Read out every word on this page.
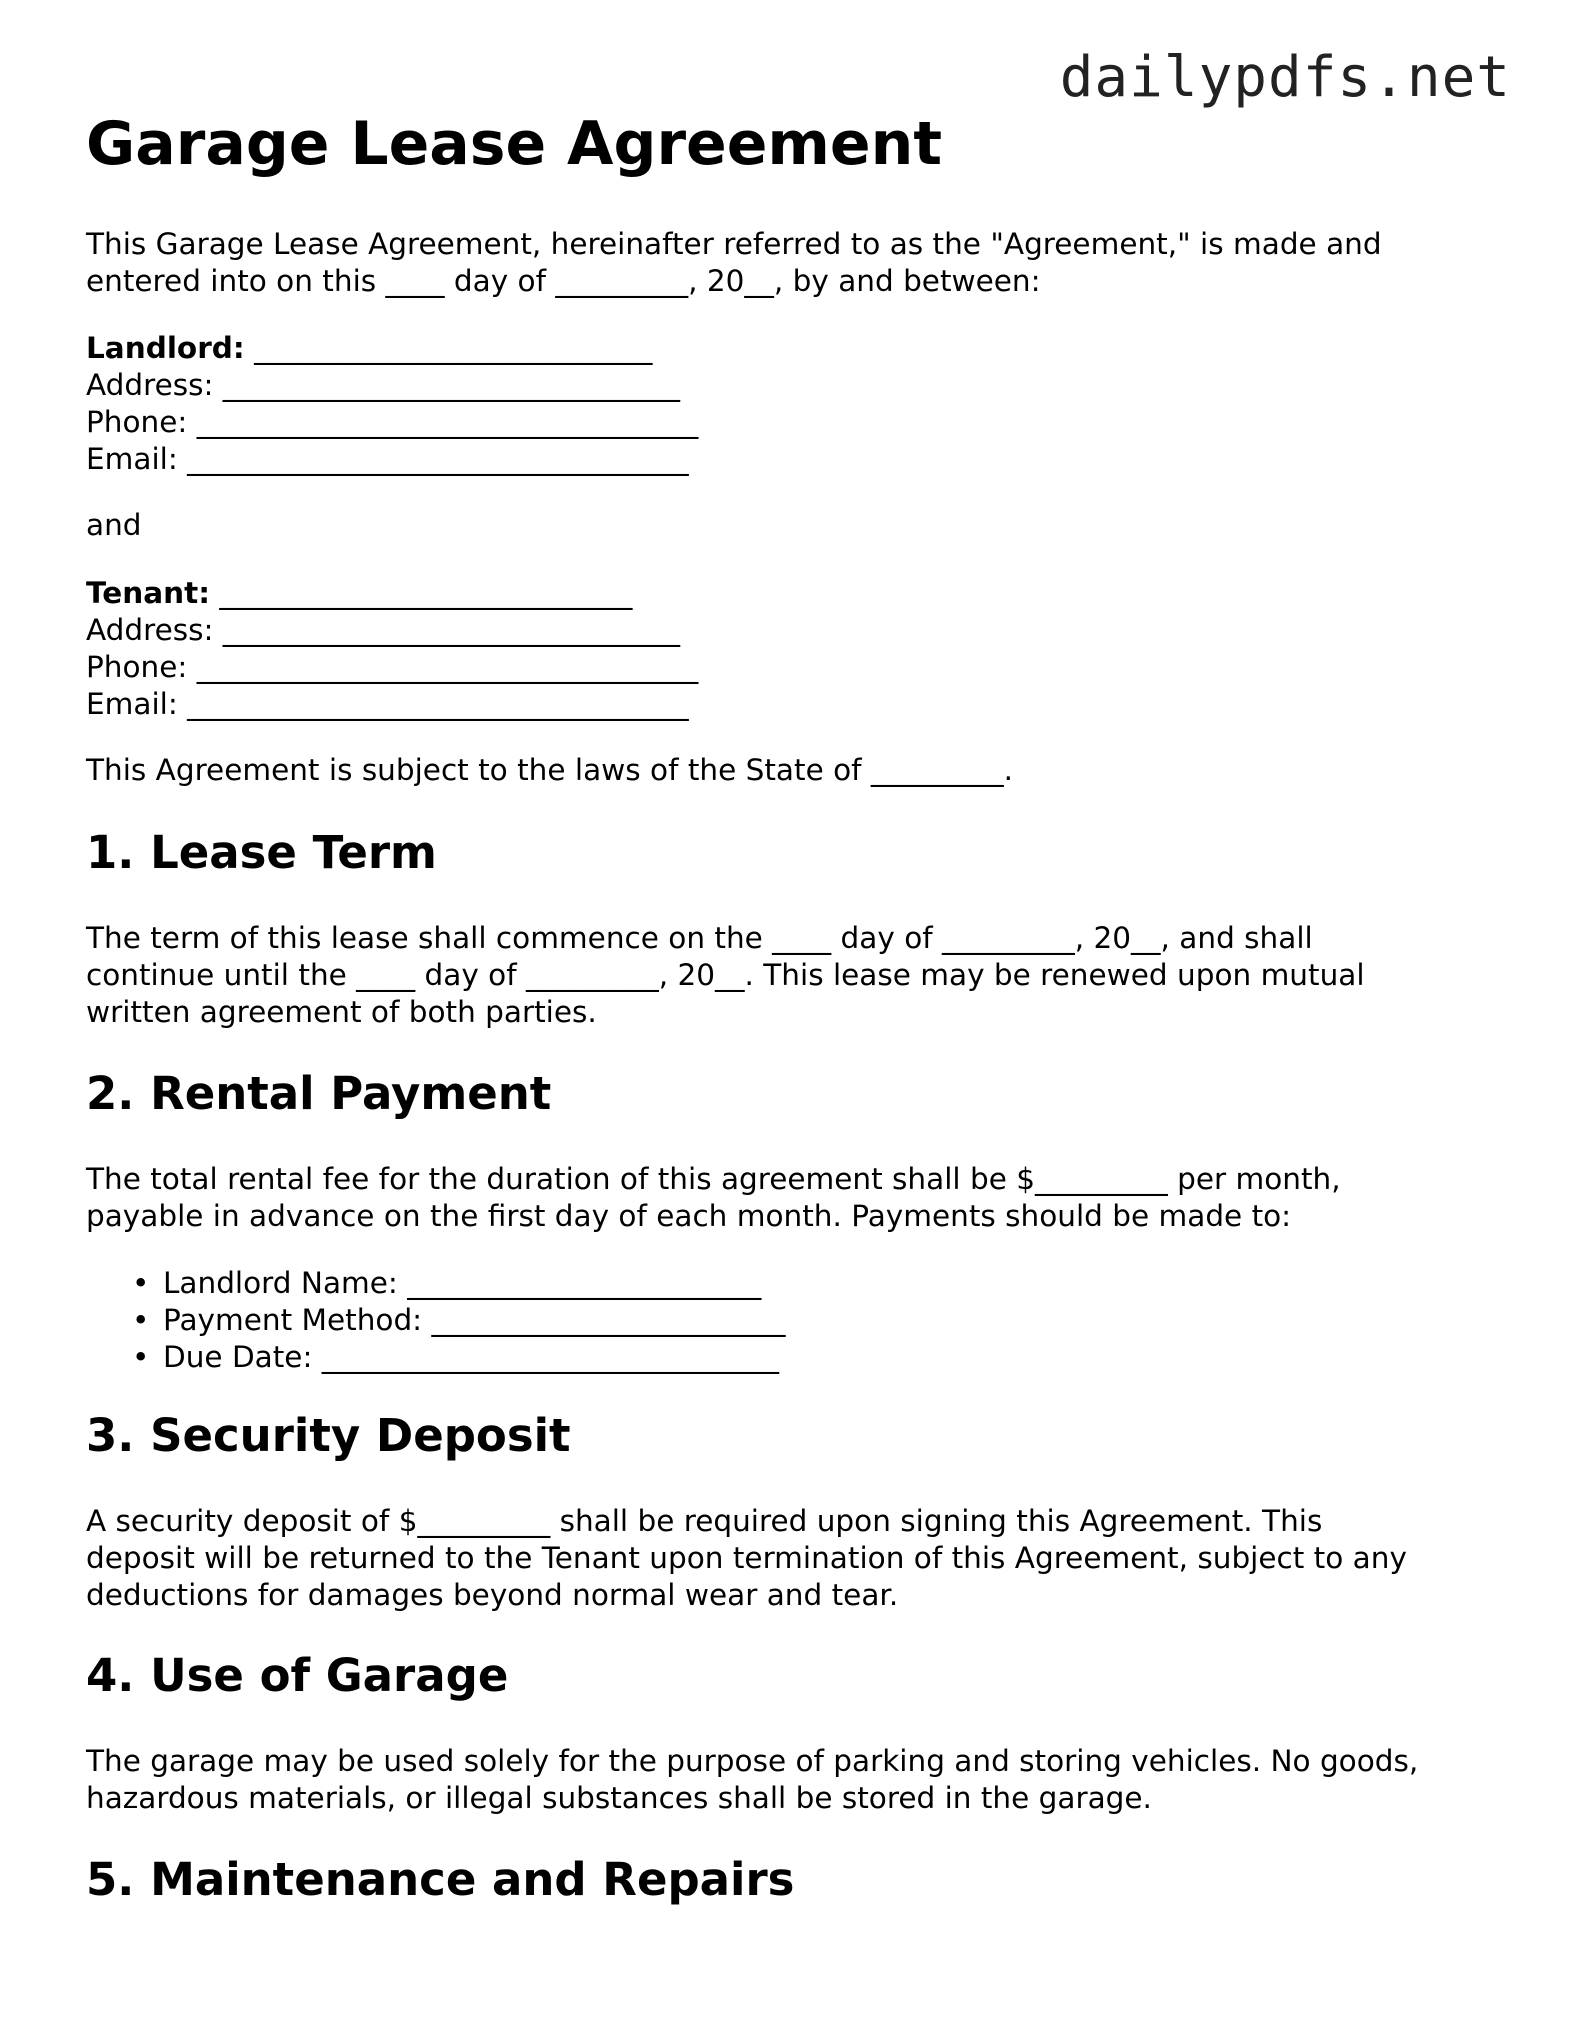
dailypdfs.net
Garage Lease Agreement

This Garage Lease Agreement, hereinafter referred to as the "Agreement," is made and
entered into on this ____ day of _________, 20__, by and between:

Landlord: ___________________________
Address: _______________________________
Phone: __________________________________
Email: __________________________________

and

Tenant: ____________________________
Address: _______________________________
Phone: __________________________________
Email: __________________________________

This Agreement is subject to the laws of the State of _________.

1. Lease Term

The term of this lease shall commence on the ____ day of _________, 20__, and shall
continue until the ____ day of _________, 20__. This lease may be renewed upon mutual
written agreement of both parties.

2. Rental Payment

The total rental fee for the duration of this agreement shall be $_________ per month,
payable in advance on the first day of each month. Payments should be made to:

• Landlord Name: ________________________
• Payment Method: ________________________
• Due Date: _______________________________
3. Security Deposit

A security deposit of $_________ shall be required upon signing this Agreement. This
deposit will be returned to the Tenant upon termination of this Agreement, subject to any
deductions for damages beyond normal wear and tear.

4. Use of Garage

The garage may be used solely for the purpose of parking and storing vehicles. No goods,
hazardous materials, or illegal substances shall be stored in the garage.

5. Maintenance and Repairs
